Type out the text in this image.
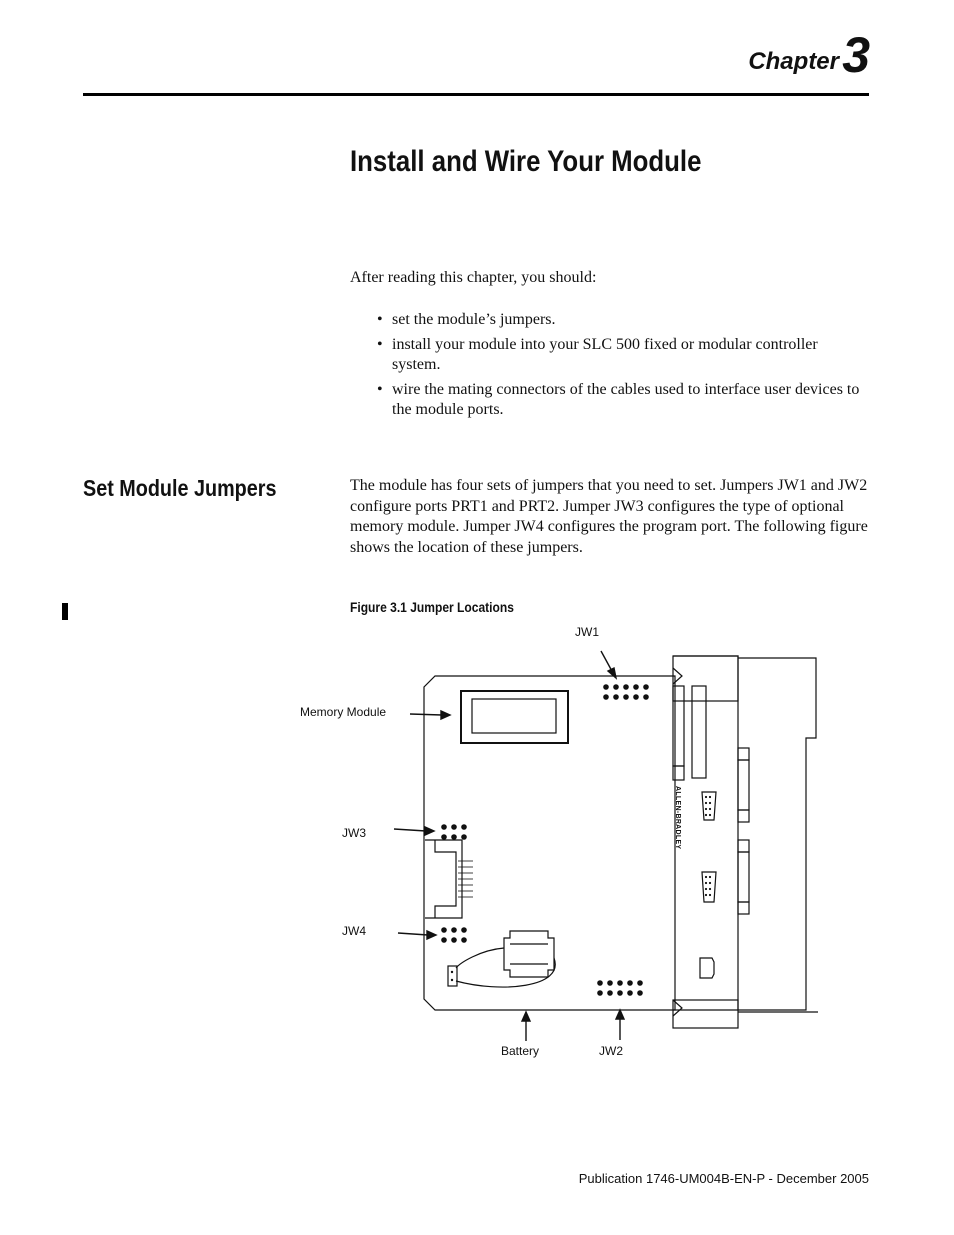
Chapter 3
Install and Wire Your Module

After reading this chapter, you should:

• set the module’s jumpers.
• install your module into your SLC 500 fixed or modular controller system.
• wire the mating connectors of the cables used to interface user devices to the module ports.
Set Module Jumpers	The module has four sets of jumpers that you need to set. Jumpers JW1 and JW2 configure ports PRT1 and PRT2. Jumper JW3 configures the type of optional memory module. Jumper JW4 configures the program port. The following figure shows the location of these jumpers.

Figure 3.1 Jumper Locations
JW1
Memory Module
JW3
JW4
Battery	JW2
ALLEN-BRADLEY
Publication 1746-UM004B-EN-P - December 2005
